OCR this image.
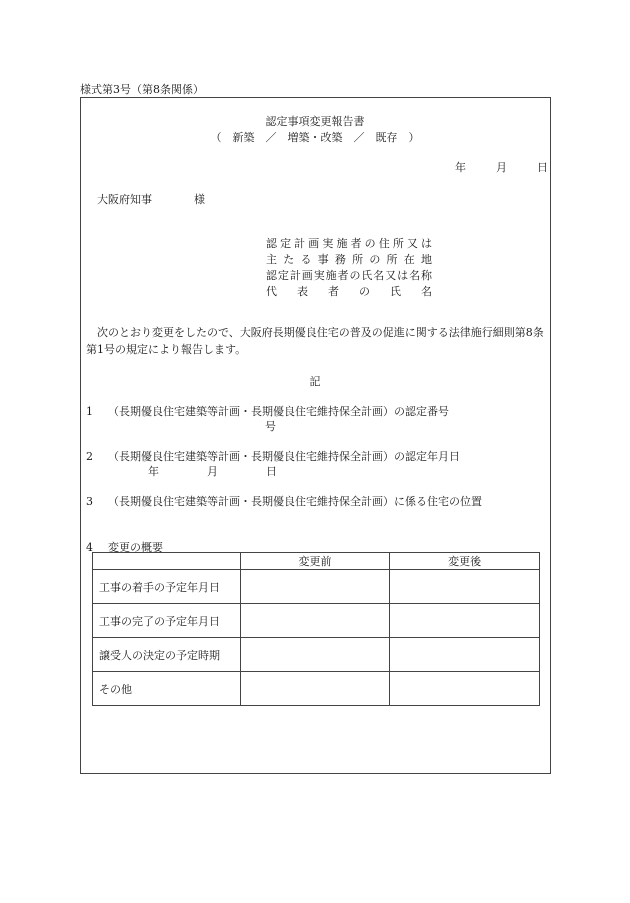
様式第3号（第8条関係）
認定事項変更報告書
（　新築　／　増築・改築　／　既存　）
年	月	日
大阪府知事	様
認定計画実施者の住所又は
主たる事務所の所在地
認定計画実施者の氏名又は名称
代表者の氏名
次のとおり変更をしたので、大阪府長期優良住宅の普及の促進に関する法律施行細則第8条第1号の規定により報告します。
記
1 （長期優良住宅建築等計画・長期優良住宅維持保全計画）の認定番号
号
2 （長期優良住宅建築等計画・長期優良住宅維持保全計画）の認定年月日
年	月	日
3 （長期優良住宅建築等計画・長期優良住宅維持保全計画）に係る住宅の位置
4 変更の概要
	変更前	変更後
工事の着手の予定年月日		
工事の完了の予定年月日		
譲受人の決定の予定時期		
その他		
